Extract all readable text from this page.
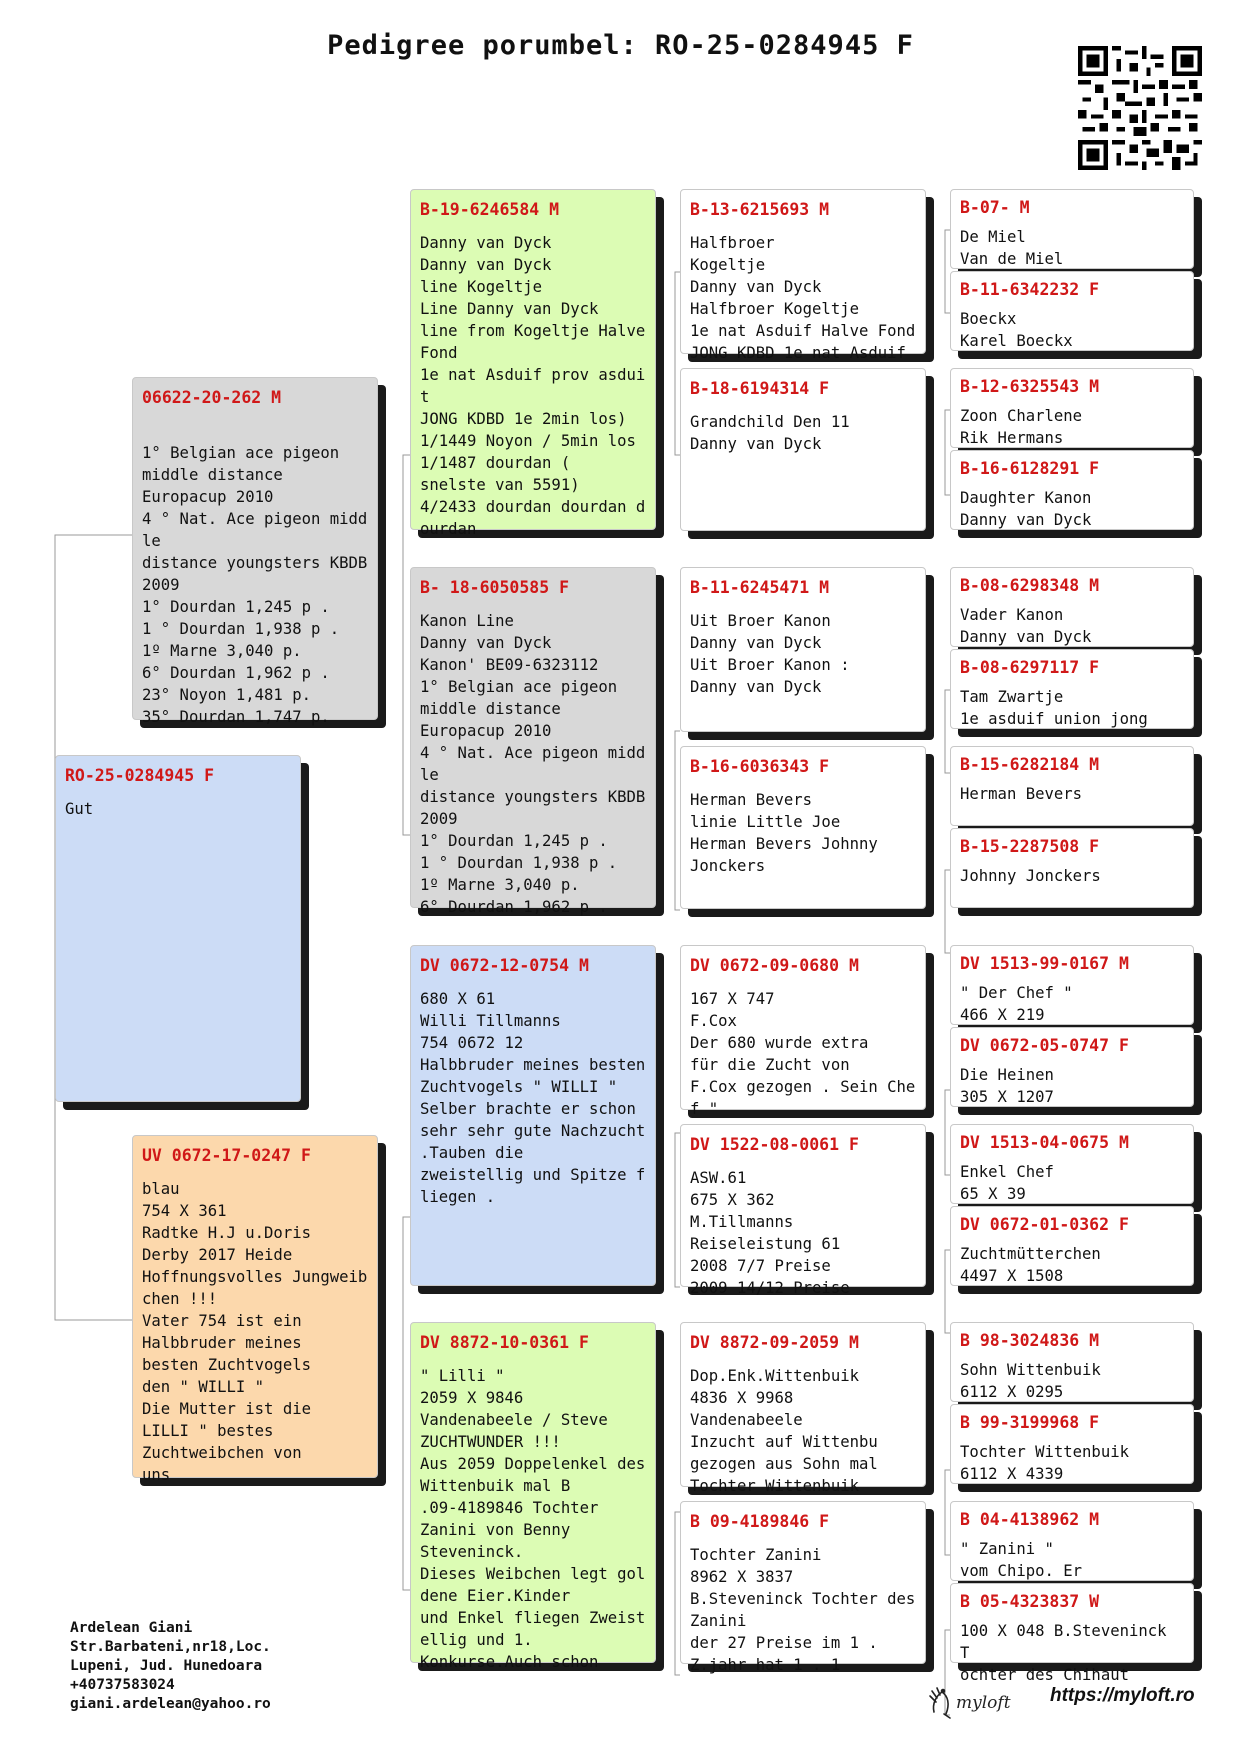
Pedigree porumbel: RO-25-0284945 F
RO-25-0284945 F
Gut
06622-20-262 M

1° Belgian ace pigeon
middle distance
Europacup 2010
4 ° Nat. Ace pigeon midd
le
distance youngsters KBDB
2009
1° Dourdan 1,245 p .
1 ° Dourdan 1,938 p .
1º Marne 3,040 p.
6° Dourdan 1,962 p .
23° Noyon 1,481 p.
35° Dourdan 1,747 p.
UV 0672-17-0247 F
blau
754 X 361
Radtke H.J u.Doris
Derby 2017 Heide
Hoffnungsvolles Jungweib
chen !!!
Vater 754 ist ein
Halbbruder meines
besten Zuchtvogels
den " WILLI "
Die Mutter ist die
LILLI " bestes
Zuchtweibchen von
uns
B-19-6246584 M
Danny van Dyck
Danny van Dyck
line Kogeltje
Line Danny van Dyck
line from Kogeltje Halve
Fond
1e nat Asduif prov asdui
t
JONG KDBD 1e 2min los)
1/1449 Noyon / 5min los
1/1487 dourdan (
snelste van 5591)
4/2433 dourdan dourdan d
ourdan
B- 18-6050585 F
Kanon Line
Danny van Dyck
Kanon' BE09-6323112
1° Belgian ace pigeon
middle distance
Europacup 2010
4 ° Nat. Ace pigeon midd
le
distance youngsters KBDB
2009
1° Dourdan 1,245 p .
1 ° Dourdan 1,938 p .
1º Marne 3,040 p.
6° Dourdan 1,962 p .
DV 0672-12-0754 M
680 X 61
Willi Tillmanns
754 0672 12
Halbbruder meines besten
Zuchtvogels " WILLI "
Selber brachte er schon
sehr sehr gute Nachzucht
.Tauben die
zweistellig und Spitze f
liegen .
DV 8872-10-0361 F
" Lilli "
2059 X 9846
Vandenabeele / Steve
ZUCHTWUNDER !!!
Aus 2059 Doppelenkel des
Wittenbuik mal B
.09-4189846 Tochter
Zanini von Benny
Steveninck.
Dieses Weibchen legt gol
dene Eier.Kinder
und Enkel fliegen Zweist
ellig und 1.
Konkurse.Auch schon
B-13-6215693 M
Halfbroer
Kogeltje
Danny van Dyck
Halfbroer Kogeltje
1e nat Asduif Halve Fond
JONG KDBD 1e nat Asduif
B-18-6194314 F
Grandchild Den 11
Danny van Dyck
B-11-6245471 M
Uit Broer Kanon
Danny van Dyck
Uit Broer Kanon :
Danny van Dyck
B-16-6036343 F
Herman Bevers
linie Little Joe
Herman Bevers Johnny
Jonckers
DV 0672-09-0680 M
167 X 747
F.Cox
Der 680 wurde extra
für die Zucht von
F.Cox gezogen . Sein Che
f "
DV 1522-08-0061 F
ASW.61
675 X 362
M.Tillmanns
Reiseleistung 61
2008 7/7 Preise
2009 14/12 Preise
DV 8872-09-2059 M
Dop.Enk.Wittenbuik
4836 X 9968
Vandenabeele
Inzucht auf Wittenbu
gezogen aus Sohn mal
Tochter Wittenbuik
B 09-4189846 F
Tochter Zanini
8962 X 3837
B.Steveninck Tochter des
Zanini
der 27 Preise im 1 .
Z.jahr hat 1 . 1
B-07- M
De Miel
Van de Miel
B-11-6342232 F
Boeckx
Karel Boeckx
B-12-6325543 M
Zoon Charlene
Rik Hermans
B-16-6128291 F
Daughter Kanon
Danny van Dyck
B-08-6298348 M
Vader Kanon
Danny van Dyck
B-08-6297117 F
Tam Zwartje
1e asduif union jong
B-15-6282184 M
Herman Bevers
B-15-2287508 F
Johnny Jonckers
DV 1513-99-0167 M
" Der Chef "
466 X 219
DV 0672-05-0747 F
Die Heinen
305 X 1207
DV 1513-04-0675 M
Enkel Chef
65 X 39
DV 0672-01-0362 F
Zuchtmütterchen
4497 X 1508
B 98-3024836 M
Sohn Wittenbuik
6112 X 0295
B 99-3199968 F
Tochter Wittenbuik
6112 X 4339
B 04-4138962 M
" Zanini "
vom Chipo. Er
B 05-4323837 W
100 X 048 B.Steveninck T
ochter des Chihaut
Ardelean Giani
Str.Barbateni,nr18,Loc.
Lupeni, Jud. Hunedoara
+40737583024
giani.ardelean@yahoo.ro	myloft https://myloft.ro
